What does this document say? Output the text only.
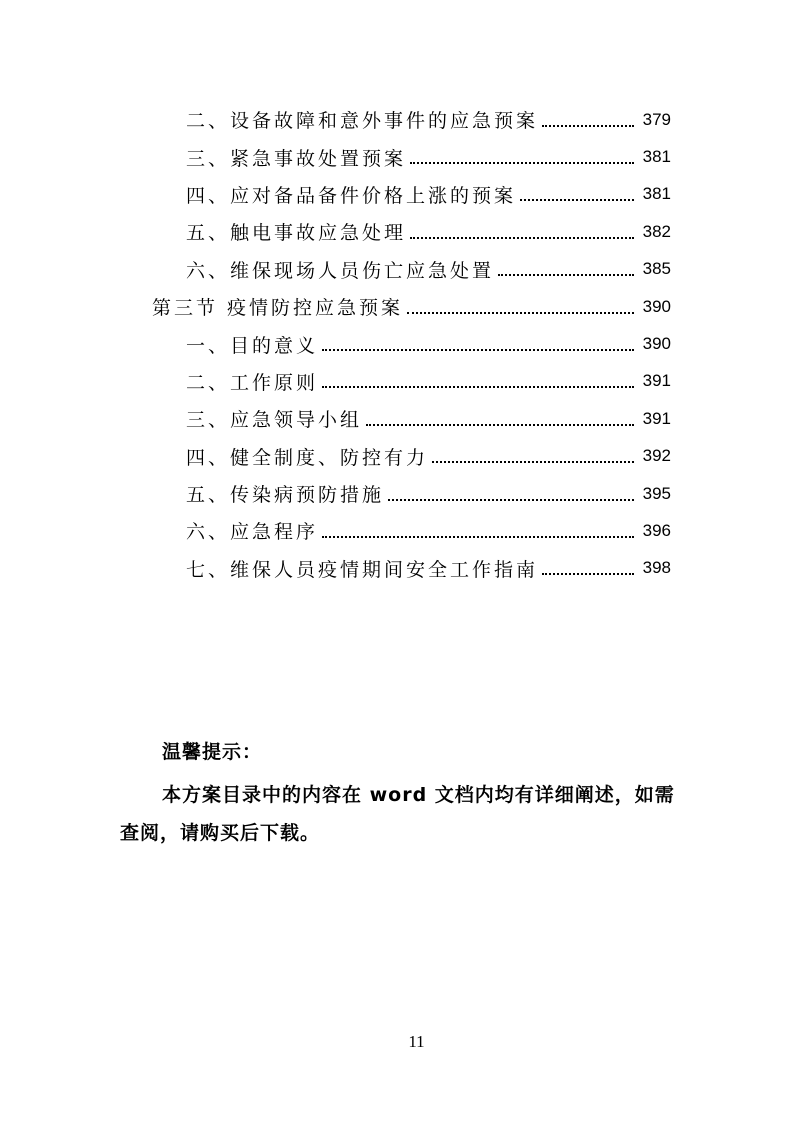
二、设备故障和意外事件的应急预案	379
三、紧急事故处置预案	381
四、应对备品备件价格上涨的预案	381
五、触电事故应急处理	382
六、维保现场人员伤亡应急处置	385
第三节 疫情防控应急预案	390
一、目的意义	390
二、工作原则	391
三、应急领导小组	391
四、健全制度、防控有力	392
五、传染病预防措施	395
六、应急程序	396
七、维保人员疫情期间安全工作指南	398
温馨提示：
本方案目录中的内容在 word 文档内均有详细阐述，如需查阅，请购买后下载。
11
